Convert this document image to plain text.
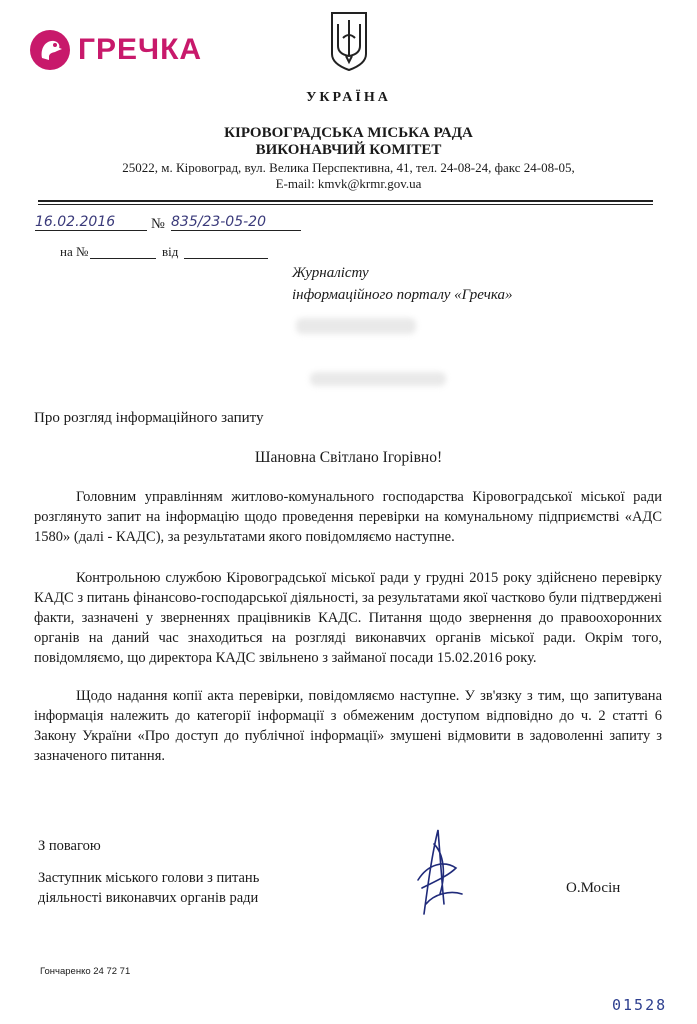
ГРЕЧКА
УКРАЇНА
КІРОВОГРАДСЬКА МІСЬКА РАДА
ВИКОНАВЧИЙ КОМІТЕТ
25022, м. Кіровоград, вул. Велика Перспективна, 41, тел. 24-08-24, факс 24-08-05,
E-mail: kmvk@krmr.gov.ua
16.02.2016	№ 835/23-05-20
на №	від
Журналісту
інформаційного порталу «Гречка»
Про розгляд інформаційного запиту
Шановна Світлано Ігорівно!
Головним управлінням житлово-комунального господарства Кіровоградської міської ради розглянуто запит на інформацію щодо проведення перевірки на комунальному підприємстві «АДС 1580» (далі - КАДС), за результатами якого повідомляємо наступне.
Контрольною службою Кіровоградської міської ради у грудні 2015 року здійснено перевірку КАДС з питань фінансово-господарської діяльності, за результатами якої частково були підтверджені факти, зазначені у зверненнях працівників КАДС. Питання щодо звернення до правоохоронних органів на даний час знаходиться на розгляді виконавчих органів міської ради. Окрім того, повідомляємо, що директора КАДС звільнено з займаної посади 15.02.2016 року.
Щодо надання копії акта перевірки, повідомляємо наступне. У зв'язку з тим, що запитувана інформація належить до категорії інформації з обмеженим доступом відповідно до ч. 2 статті 6 Закону України «Про доступ до публічної інформації» змушені відмовити в задоволенні запиту з зазначеного питання.
З повагою
Заступник міського голови з питань
діяльності виконавчих органів ради
О.Мосін
Гончаренко 24 72 71
01528
